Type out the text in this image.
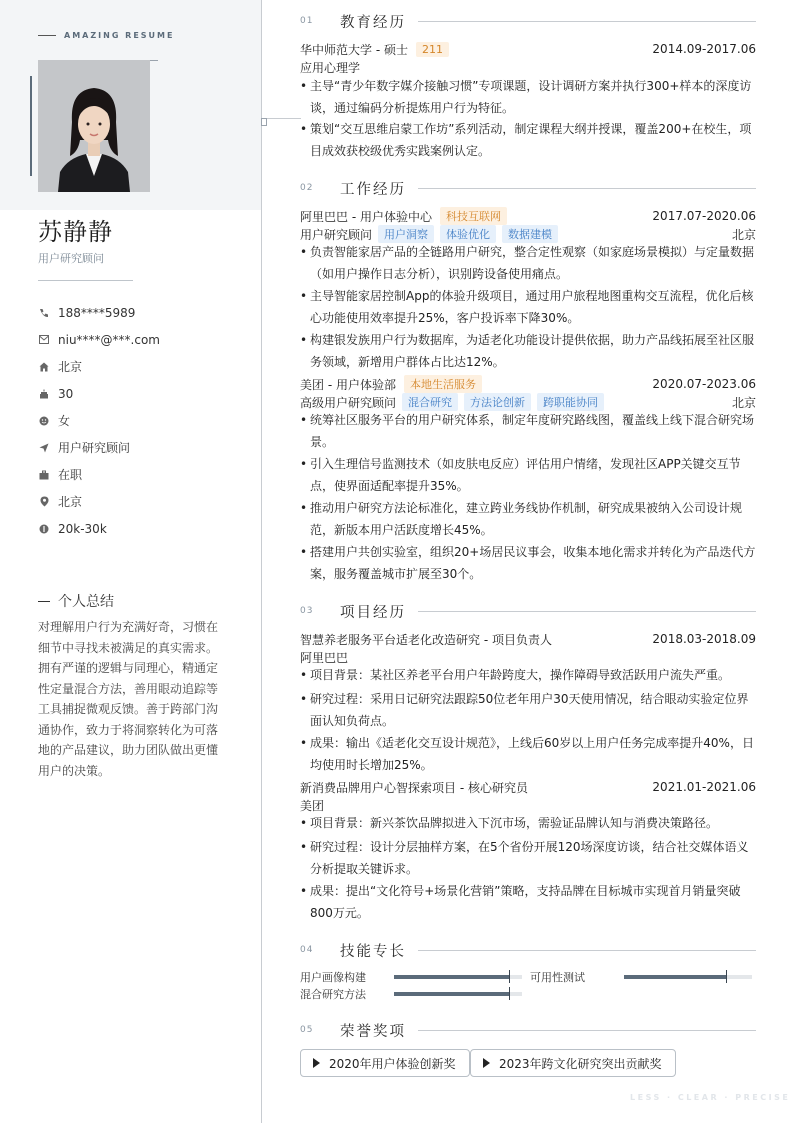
AMAZING RESUME
苏静静
用户研究顾问
188****5989
niu****@***.com
北京
30
女
用户研究顾问
在职
北京
20k-30k
个人总结
对理解用户行为充满好奇，习惯在细节中寻找未被满足的真实需求。拥有严谨的逻辑与同理心，精通定性定量混合方法，善用眼动追踪等工具捕捉微观反馈。善于跨部门沟通协作，致力于将洞察转化为可落地的产品建议，助力团队做出更懂用户的决策。
01	教育经历
华中师范大学 - 硕士	211	2014.09-2017.06
应用心理学
• 主导“青少年数字媒介接触习惯”专项课题，设计调研方案并执行300+样本的深度访谈，通过编码分析提炼用户行为特征。
• 策划“交互思维启蒙工作坊”系列活动，制定课程大纲并授课，覆盖200+在校生，项目成效获校级优秀实践案例认定。
02	工作经历
阿里巴巴 - 用户体验中心	科技互联网	2017.07-2020.06
用户研究顾问	用户洞察	体验优化	数据建模	北京
• 负责智能家居产品的全链路用户研究，整合定性观察（如家庭场景模拟）与定量数据（如用户操作日志分析），识别跨设备使用痛点。
• 主导智能家居控制App的体验升级项目，通过用户旅程地图重构交互流程，优化后核心功能使用效率提升25%，客户投诉率下降30%。
• 构建银发族用户行为数据库，为适老化功能设计提供依据，助力产品线拓展至社区服务领域，新增用户群体占比达12%。
美团 - 用户体验部	本地生活服务	2020.07-2023.06
高级用户研究顾问	混合研究	方法论创新	跨职能协同	北京
• 统筹社区服务平台的用户研究体系，制定年度研究路线图，覆盖线上线下混合研究场景。
• 引入生理信号监测技术（如皮肤电反应）评估用户情绪，发现社区APP关键交互节点，使界面适配率提升35%。
• 推动用户研究方法论标准化，建立跨业务线协作机制，研究成果被纳入公司设计规范，新版本用户活跃度增长45%。
• 搭建用户共创实验室，组织20+场居民议事会，收集本地化需求并转化为产品迭代方案，服务覆盖城市扩展至30个。
03	项目经历
智慧养老服务平台适老化改造研究 - 项目负责人	2018.03-2018.09
阿里巴巴
• 项目背景：某社区养老平台用户年龄跨度大，操作障碍导致活跃用户流失严重。
• 研究过程：采用日记研究法跟踪50位老年用户30天使用情况，结合眼动实验定位界面认知负荷点。
• 成果：输出《适老化交互设计规范》，上线后60岁以上用户任务完成率提升40%，日均使用时长增加25%。
新消费品牌用户心智探索项目 - 核心研究员	2021.01-2021.06
美团
• 项目背景：新兴茶饮品牌拟进入下沉市场，需验证品牌认知与消费决策路径。
• 研究过程：设计分层抽样方案，在5个省份开展120场深度访谈，结合社交媒体语义分析提取关键诉求。
• 成果：提出“文化符号+场景化营销”策略，支持品牌在目标城市实现首月销量突破800万元。
04	技能专长
用户画像构建	可用性测试
混合研究方法
05	荣誉奖项
2020年用户体验创新奖	2023年跨文化研究突出贡献奖
LESS · CLEAR · PRECISE
